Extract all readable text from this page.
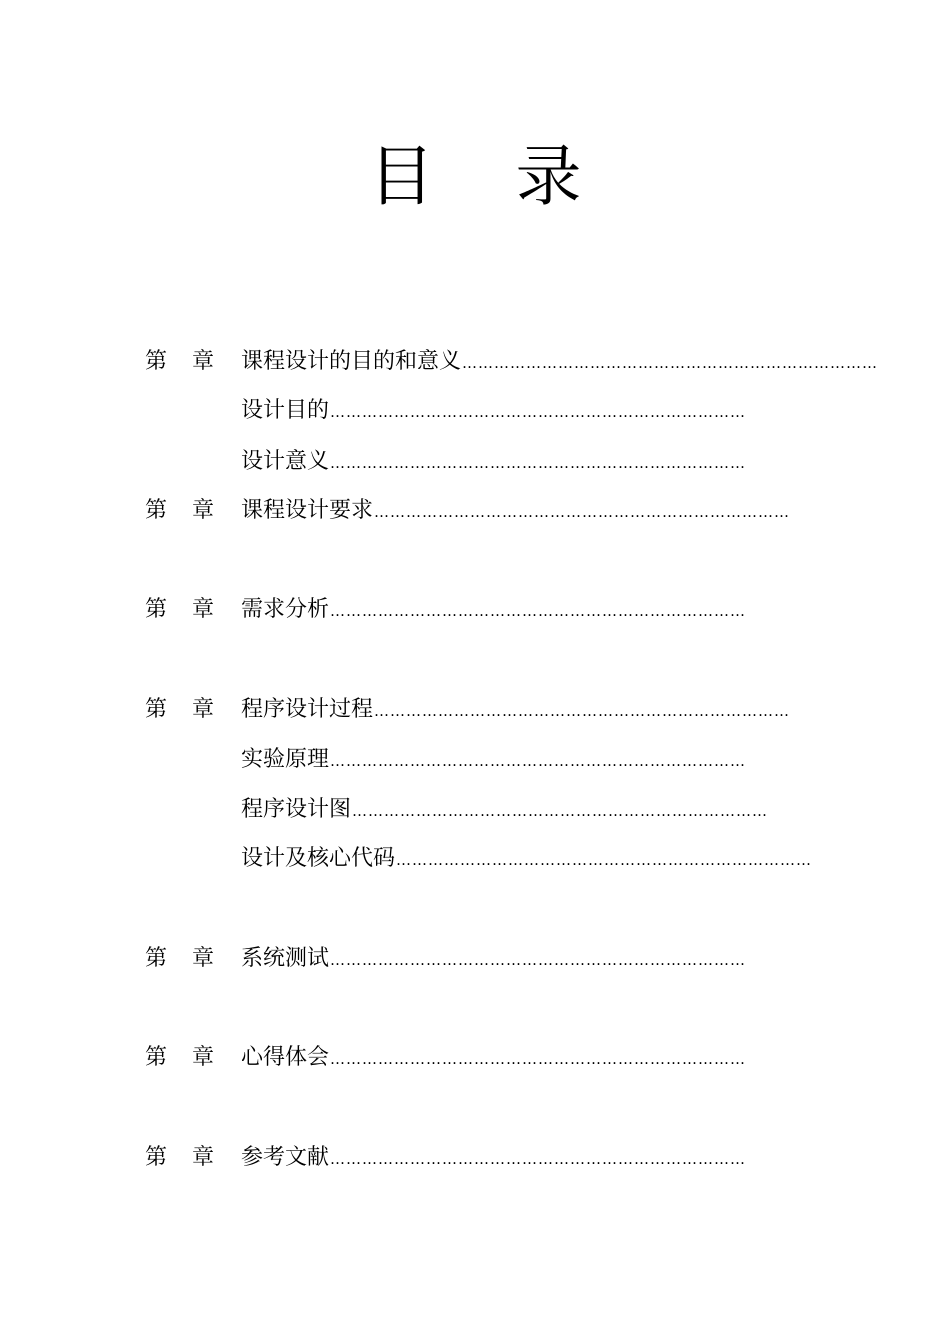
目 录
第 章 课程设计的目的和意义 ……………………………………………………………………
设计目的 ……………………………………………………………………
设计意义 ……………………………………………………………………
第 章 课程设计要求 ……………………………………………………………………
第 章 需求分析 ……………………………………………………………………
第 章 程序设计过程 ……………………………………………………………………
实验原理 ……………………………………………………………………
程序设计图 ……………………………………………………………………
设计及核心代码 ……………………………………………………………………
第 章 系统测试 ……………………………………………………………………
第 章 心得体会 ……………………………………………………………………
第 章 参考文献 ……………………………………………………………………
